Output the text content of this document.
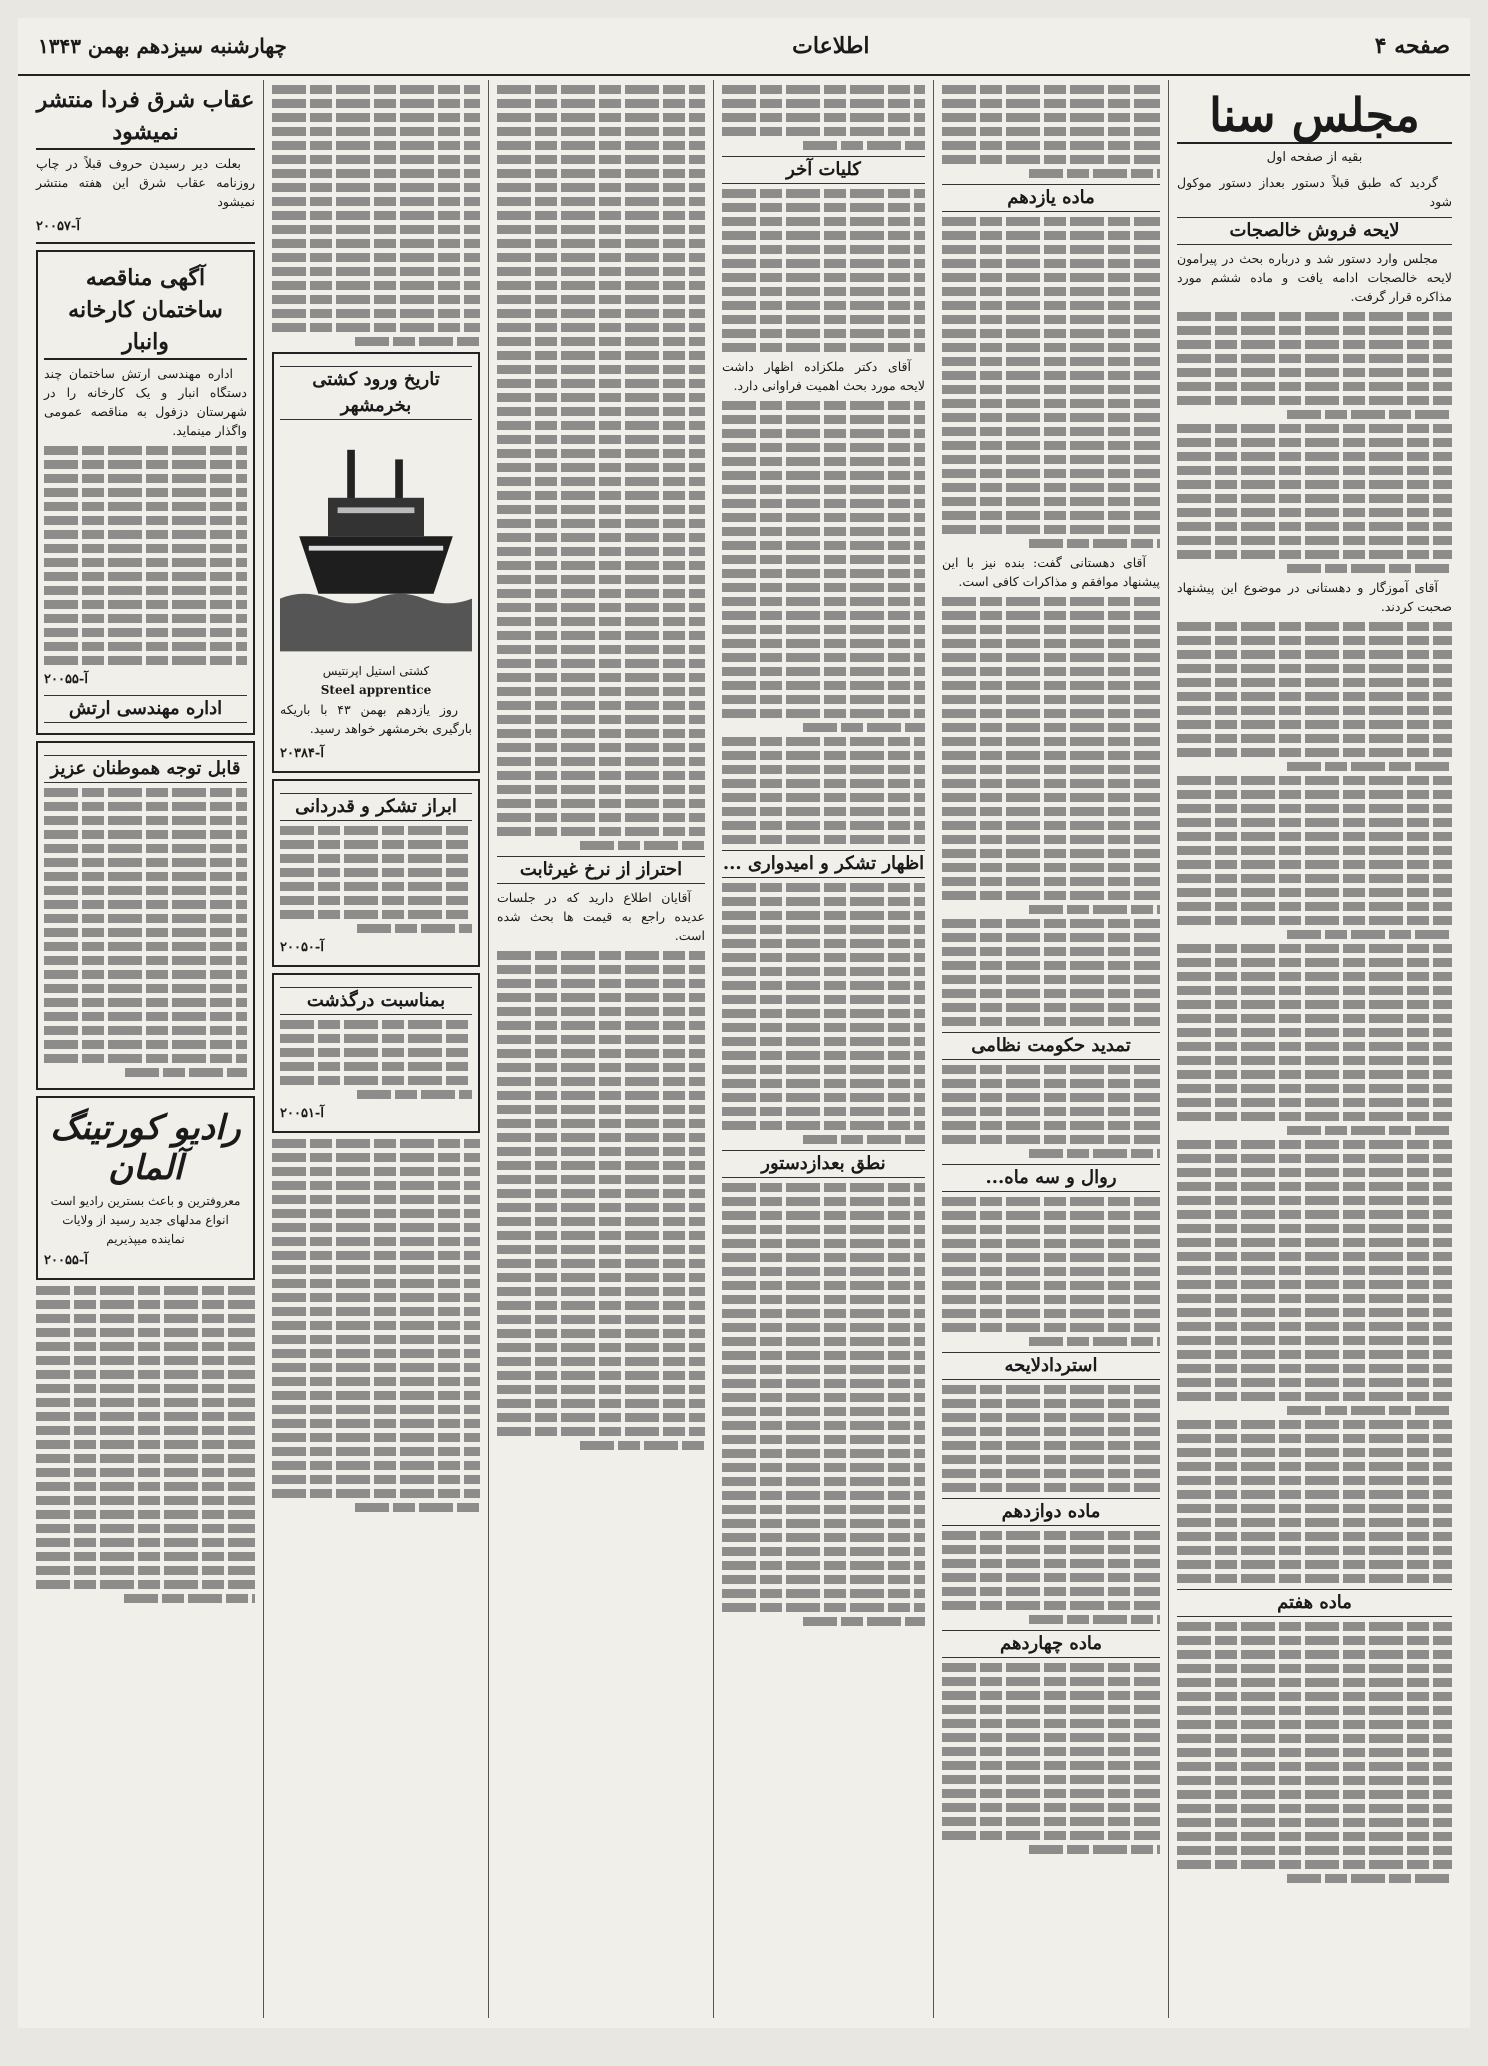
صفحه ۴
اطلاعات
چهارشنبه سیزدهم بهمن ۱۳۴۳
مجلس سنا
بقیه از صفحه اول

گردید که طبق قبلاً دستور بعداز دستور موکول شود

لایحه فروش خالصجات

مجلس وارد دستور شد و درباره بحث در پیرامون لایحه خالصجات ادامه یافت و ماده ششم مورد مذاکره قرار گرفت.

آقای آموزگار و دهستانی در موضوع این پیشنهاد صحبت کردند.

ماده هفتم
ماده یازدهم

آقای دهستانی گفت: بنده نیز با این پیشنهاد موافقم و مذاکرات کافی است.

تمدید حکومت نظامی
روال و سه ماه...
استردادلایحه
ماده دوازدهم
ماده‌ چهاردهم
کلیات آخر

آقای دکتر ملکزاده اظهار داشت لایحه مورد بحث اهمیت فراوانی دارد.

اظهار تشکر و امیدواری ...
نطق بعدازدستور
احتراز از نرخ غیرثابت

آقایان اطلاع دارید که در جلسات عدیده راجع به قیمت ها بحث شده است.

تاریخ ورود کشتی بخرمشهر
کشتی استیل اپرنتیس
Steel apprentice

روز یازدهم بهمن ۴۳ با باریکه بارگیری بخرمشهر خواهد رسید.

آ-۲۰۳۸۴
ابراز تشکر و قدردانی
آ-۲۰۰۵۰
بمناسبت درگذشت
آ-۲۰۰۵۱
عقاب شرق فردا منتشر نمیشود

بعلت دیر رسیدن حروف قبلاً در چاپ روزنامه عقاب شرق این هفته منتشر نمیشود

آ-۲۰۰۵۷
آگهی مناقصه ساختمان کارخانه وانبار

اداره مهندسی ارتش ساختمان چند دستگاه انبار و یک کارخانه را در شهرستان دزفول به مناقصه عمومی واگذار مینماید.

آ-۲۰۰۵۵
اداره مهندسی ارتش
قابل توجه هموطنان عزیز
رادیو کورتینگ آلمان
معروفترین و باعث بسترین رادیو است
انواع مدلهای جدید رسید از ولایات نماینده میپذیریم
آ-۲۰۰۵۵
